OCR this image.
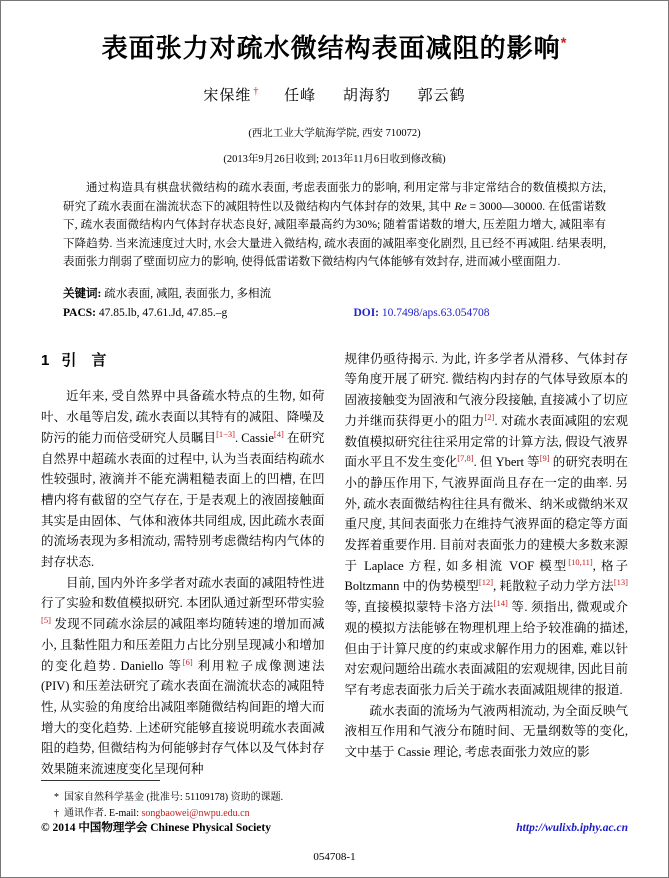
表面张力对疏水微结构表面减阻的影响*
宋保维 † 任峰 胡海豹 郭云鹤
(西北工业大学航海学院, 西安 710072)
(2013年9月26日收到; 2013年11月6日收到修改稿)

通过构造具有棋盘状微结构的疏水表面, 考虑表面张力的影响, 利用定常与非定常结合的数值模拟方法, 研究了疏水表面在湍流状态下的减阻特性以及微结构内气体封存的效果, 其中 Re = 3000—30000. 在低雷诺数下, 疏水表面微结构内气体封存状态良好, 减阻率最高约为30%; 随着雷诺数的增大, 压差阻力增大, 减阻率有下降趋势. 当来流速度过大时, 水会大量进入微结构, 疏水表面的减阻率变化剧烈, 且已经不再减阻. 结果表明, 表面张力削弱了壁面切应力的影响, 使得低雷诺数下微结构内气体能够有效封存, 进而减小壁面阻力.

关键词: 疏水表面, 减阻, 表面张力, 多相流
PACS: 47.85.lb, 47.61.Jd, 47.85.–g	DOI: 10.7498/aps.63.054708
1 引　言

近年来, 受自然界中具备疏水特点的生物, 如荷叶、水黾等启发, 疏水表面以其特有的减阻、降噪及防污的能力而倍受研究人员瞩目[1−3]. Cassie[4] 在研究自然界中超疏水表面的过程中, 认为当表面结构疏水性较强时, 液滴并不能充满粗糙表面上的凹槽, 在凹槽内将有截留的空气存在, 于是表观上的液固接触面其实是由固体、气体和液体共同组成, 因此疏水表面的流场表现为多相流动, 需特别考虑微结构内气体的封存状态.

目前, 国内外许多学者对疏水表面的减阻特性进行了实验和数值模拟研究. 本团队通过新型环带实验[5] 发现不同疏水涂层的减阻率均随转速的增加而减小, 且黏性阻力和压差阻力占比分别呈现减小和增加的变化趋势. Daniello 等[6] 利用粒子成像测速法 (PIV) 和压差法研究了疏水表面在湍流状态的减阻特性, 从实验的角度给出减阻率随微结构间距的增大而增大的变化趋势. 上述研究能够直接说明疏水表面减阻的趋势, 但微结构为何能够封存气体以及气体封存效果随来流速度变化呈现何种

* 国家自然科学基金 (批准号: 51109178) 资助的课题.
† 通讯作者. E-mail: songbaowei@nwpu.edu.cn

规律仍亟待揭示. 为此, 许多学者从滑移、气体封存等角度开展了研究. 微结构内封存的气体导致原本的固液接触变为固液和气液分段接触, 直接减小了切应力并继而获得更小的阻力[2]. 对疏水表面减阻的宏观数值模拟研究往往采用定常的计算方法, 假设气液界面水平且不发生变化[7,8]. 但 Ybert 等[9] 的研究表明在小的静压作用下, 气液界面尚且存在一定的曲率. 另外, 疏水表面微结构往往具有微米、纳米或微纳米双重尺度, 其间表面张力在维持气液界面的稳定等方面发挥着重要作用. 目前对表面张力的建模大多数来源于 Laplace 方程, 如多相流 VOF 模型[10,11], 格子 Boltzmann 中的伪势模型[12], 耗散粒子动力学方法[13] 等, 直接模拟蒙特卡洛方法[14] 等. 须指出, 微观或介观的模拟方法能够在物理机理上给予较准确的描述, 但由于计算尺度的约束或求解作用力的困难, 难以针对宏观问题给出疏水表面减阻的宏观规律, 因此目前罕有考虑表面张力后关于疏水表面减阻规律的报道.

疏水表面的流场为气液两相流动, 为全面反映气液相互作用和气液分布随时间、无量纲数等的变化, 文中基于 Cassie 理论, 考虑表面张力效应的影

© 2014 中国物理学会 Chinese Physical Society	http://wulixb.iphy.ac.cn
054708-1
